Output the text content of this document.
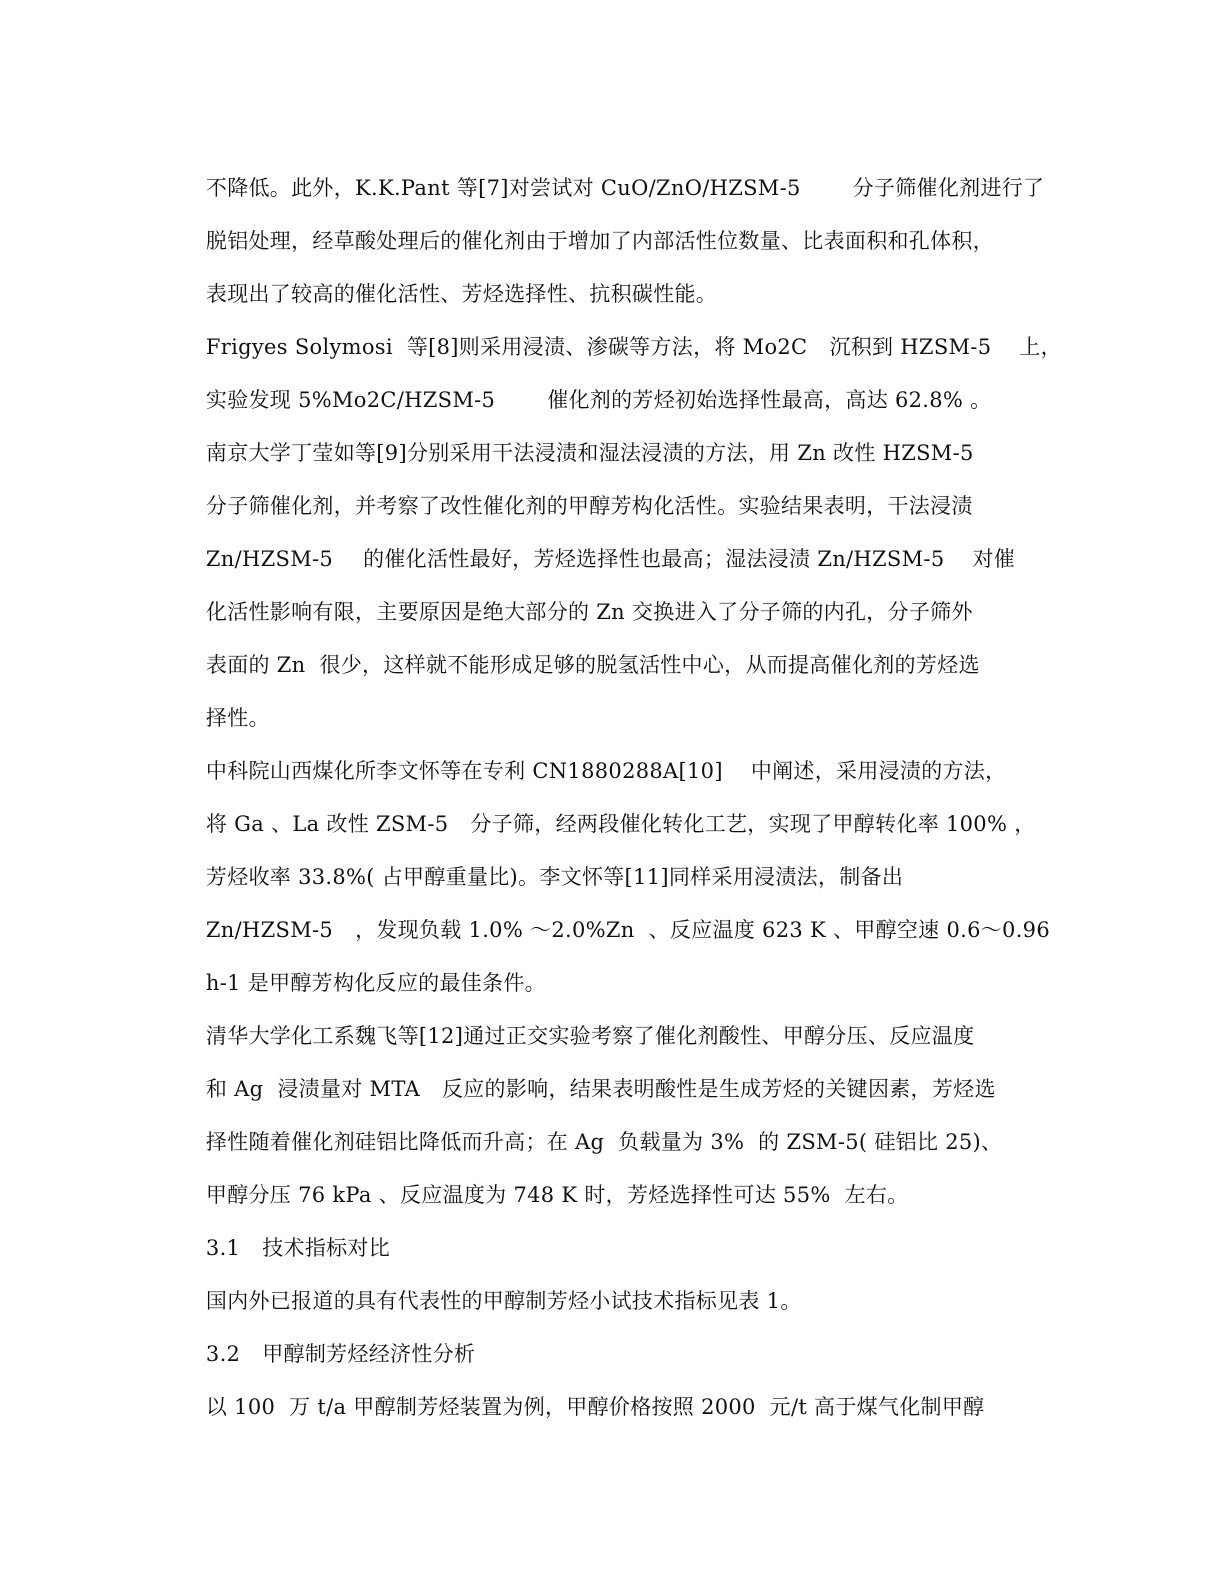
不降低。此外，K.K.Pant 等[7]对尝试对 CuO/ZnO/HZSM-5 分子筛催化剂进行了

脱铝处理，经草酸处理后的催化剂由于增加了内部活性位数量、比表面积和孔体积，

表现出了较高的催化活性、芳烃选择性、抗积碳性能。

Frigyes Solymosi  等[8]则采用浸渍、渗碳等方法，将 Mo2C 沉积到 HZSM-5 上，

实验发现 5%Mo2C/HZSM-5 催化剂的芳烃初始选择性最高，高达 62.8% 。

南京大学丁莹如等[9]分别采用干法浸渍和湿法浸渍的方法，用 Zn 改性 HZSM-5

分子筛催化剂，并考察了改性催化剂的甲醇芳构化活性。实验结果表明，干法浸渍

Zn/HZSM-5 的催化活性最好，芳烃选择性也最高；湿法浸渍 Zn/HZSM-5 对催

化活性影响有限，主要原因是绝大部分的 Zn 交换进入了分子筛的内孔，分子筛外

表面的 Zn  很少，这样就不能形成足够的脱氢活性中心，从而提高催化剂的芳烃选

择性。

中科院山西煤化所李文怀等在专利 CN1880288A[10] 中阐述，采用浸渍的方法，

将 Ga 、La 改性 ZSM-5 分子筛，经两段催化转化工艺，实现了甲醇转化率 100% ，

芳烃收率 33.8%( 占甲醇重量比)。李文怀等[11]同样采用浸渍法，制备出

Zn/HZSM-5 ，发现负载 1.0% ～2.0%Zn  、反应温度 623 K 、甲醇空速 0.6～0.96

h-1 是甲醇芳构化反应的最佳条件。

清华大学化工系魏飞等[12]通过正交实验考察了催化剂酸性、甲醇分压、反应温度

和 Ag  浸渍量对 MTA 反应的影响，结果表明酸性是生成芳烃的关键因素，芳烃选

择性随着催化剂硅铝比降低而升高；在 Ag  负载量为 3%  的 ZSM-5( 硅铝比 25)、

甲醇分压 76 kPa 、反应温度为 748 K 时，芳烃选择性可达 55%  左右。

3.1 技术指标对比

国内外已报道的具有代表性的甲醇制芳烃小试技术指标见表 1。

3.2 甲醇制芳烃经济性分析

以 100  万 t/a 甲醇制芳烃装置为例，甲醇价格按照 2000  元/t 高于煤气化制甲醇
